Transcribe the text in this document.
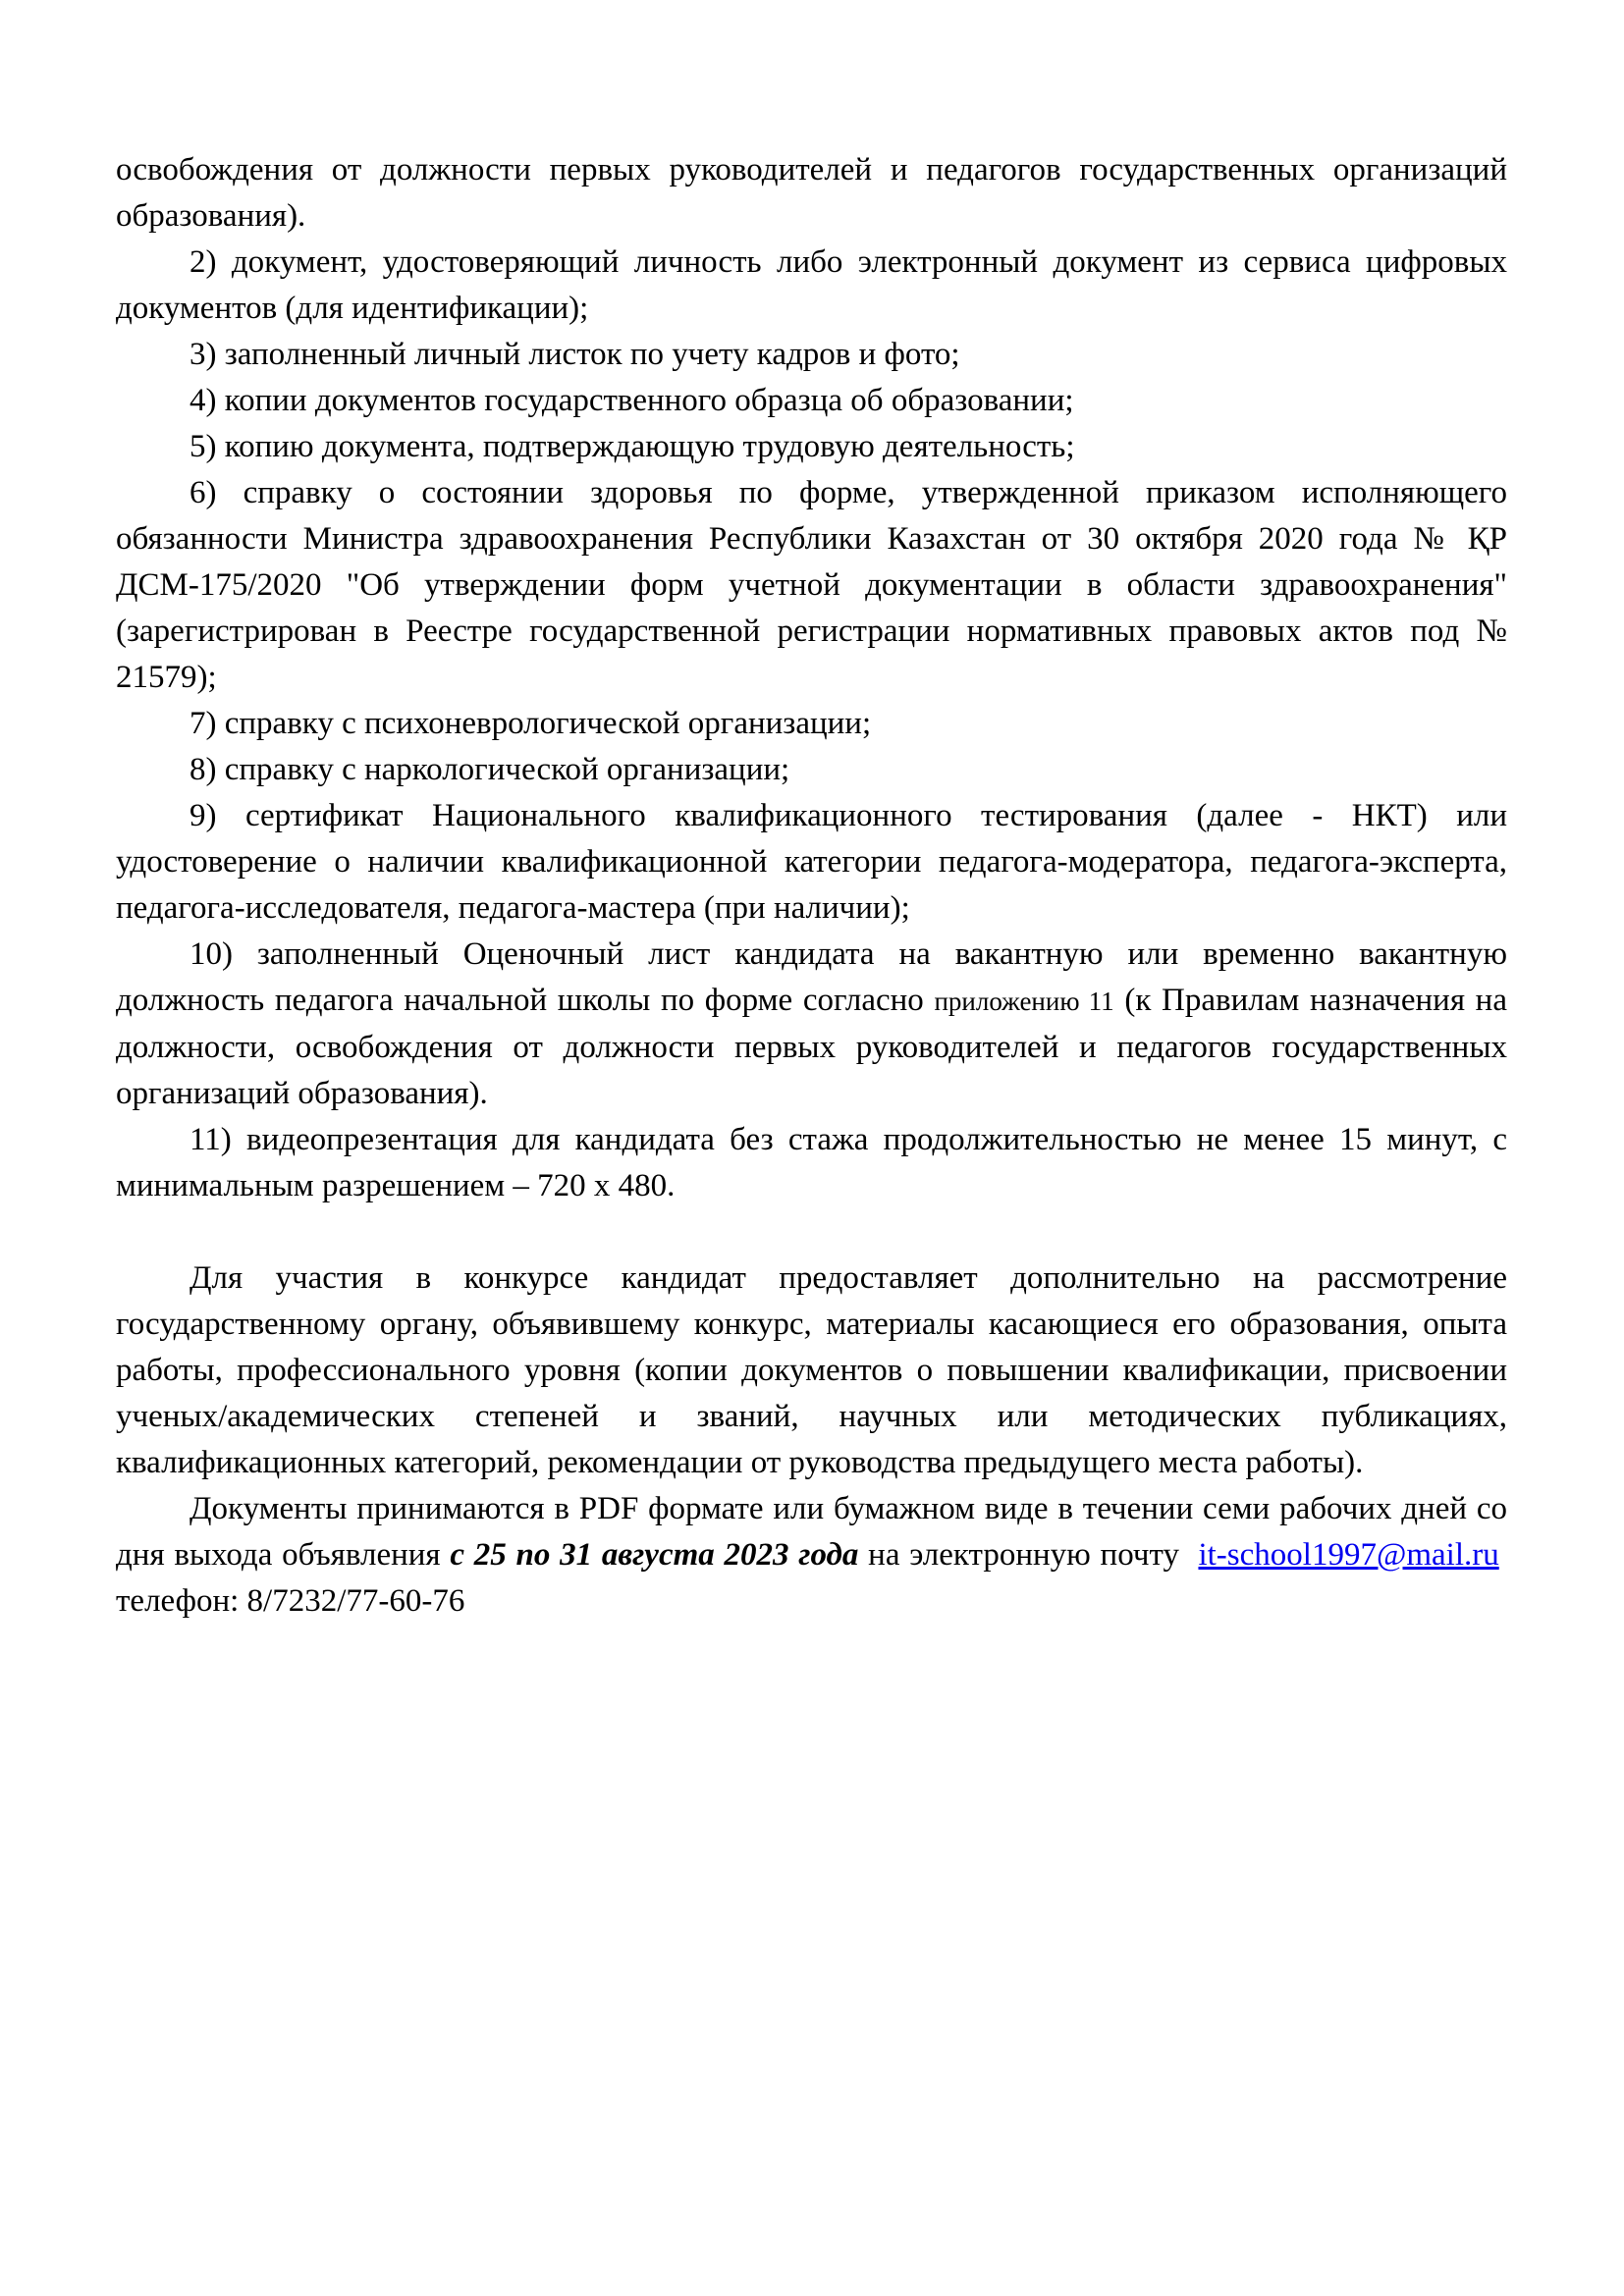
освобождения от должности первых руководителей и педагогов государственных организаций образования).

2) документ, удостоверяющий личность либо электронный документ из сервиса цифровых документов (для идентификации);

3) заполненный личный листок по учету кадров и фото;

4) копии документов государственного образца об образовании;

5) копию документа, подтверждающую трудовую деятельность;

6) справку о состоянии здоровья по форме, утвержденной приказом исполняющего обязанности Министра здравоохранения Республики Казахстан от 30 октября 2020 года № ҚР ДСМ-175/2020 "Об утверждении форм учетной документации в области здравоохранения" (зарегистрирован в Реестре государственной регистрации нормативных правовых актов под № 21579);

7) справку с психоневрологической организации;

8) справку с наркологической организации;

9) сертификат Национального квалификационного тестирования (далее - НКТ) или удостоверение о наличии квалификационной категории педагога-модератора, педагога-эксперта, педагога-исследователя, педагога-мастера (при наличии);

10) заполненный Оценочный лист кандидата на вакантную или временно вакантную должность педагога начальной школы по форме согласно приложению 11 (к Правилам назначения на должности, освобождения от должности первых руководителей и педагогов государственных организаций образования).

11) видеопрезентация для кандидата без стажа продолжительностью не менее 15 минут, с минимальным разрешением – 720 х 480.

Для участия в конкурсе кандидат предоставляет дополнительно на рассмотрение государственному органу, объявившему конкурс, материалы касающиеся его образования, опыта работы, профессионального уровня (копии документов о повышении квалификации, присвоении ученых/академических степеней и званий, научных или методических публикациях, квалификационных категорий, рекомендации от руководства предыдущего места работы).

Документы принимаются в PDF формате или бумажном виде в течении семи рабочих дней со дня выхода объявления с 25 по 31 августа 2023 года на электронную почту  it-school1997@mail.ru  телефон: 8/7232/77-60-76
